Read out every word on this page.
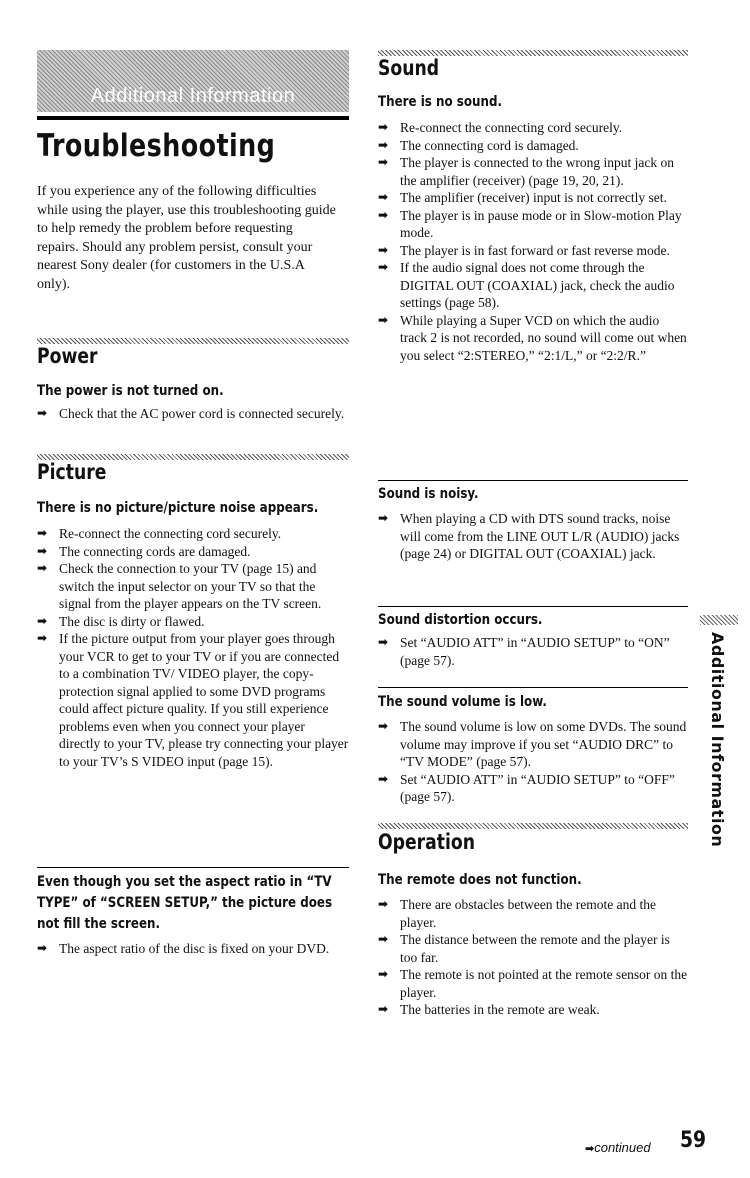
Additional Information
Troubleshooting

If you experience any of the following difficulties while using the player, use this troubleshooting guide to help remedy the problem before requesting repairs. Should any problem persist, consult your nearest Sony dealer (for customers in the U.S.A only).

Power
The power is not turned on.
➡ Check that the AC power cord is connected securely.
Picture
There is no picture/picture noise appears.
➡ Re-connect the connecting cord securely.
➡ The connecting cords are damaged.
➡ Check the connection to your TV (page 15) and switch the input selector on your TV so that the signal from the player appears on the TV screen.
➡ The disc is dirty or flawed.
➡ If the picture output from your player goes through your VCR to get to your TV or if you are connected to a combination TV/ VIDEO player, the copy-protection signal applied to some DVD programs could affect picture quality. If you still experience problems even when you connect your player directly to your TV, please try connecting your player to your TV’s S VIDEO input (page 15).
Even though you set the aspect ratio in “TV TYPE” of “SCREEN SETUP,” the picture does not fill the screen.
➡ The aspect ratio of the disc is fixed on your DVD.
Sound
There is no sound.
➡ Re-connect the connecting cord securely.
➡ The connecting cord is damaged.
➡ The player is connected to the wrong input jack on the amplifier (receiver) (page 19, 20, 21).
➡ The amplifier (receiver) input is not correctly set.
➡ The player is in pause mode or in Slow-motion Play mode.
➡ The player is in fast forward or fast reverse mode.
➡ If the audio signal does not come through the DIGITAL OUT (COAXIAL) jack, check the audio settings (page 58).
➡ While playing a Super VCD on which the audio track 2 is not recorded, no sound will come out when you select “2:STEREO,” “2:1/L,” or “2:2/R.”
Sound is noisy.
➡ When playing a CD with DTS sound tracks, noise will come from the LINE OUT L/R (AUDIO) jacks (page 24) or DIGITAL OUT (COAXIAL) jack.
Sound distortion occurs.
➡ Set “AUDIO ATT” in “AUDIO SETUP” to “ON” (page 57).
The sound volume is low.
➡ The sound volume is low on some DVDs. The sound volume may improve if you set “AUDIO DRC” to “TV MODE” (page 57).
➡ Set “AUDIO ATT” in “AUDIO SETUP” to “OFF” (page 57).
Operation
The remote does not function.
➡ There are obstacles between the remote and the player.
➡ The distance between the remote and the player is too far.
➡ The remote is not pointed at the remote sensor on the player.
➡ The batteries in the remote are weak.
Additional Information
➡continued 59
